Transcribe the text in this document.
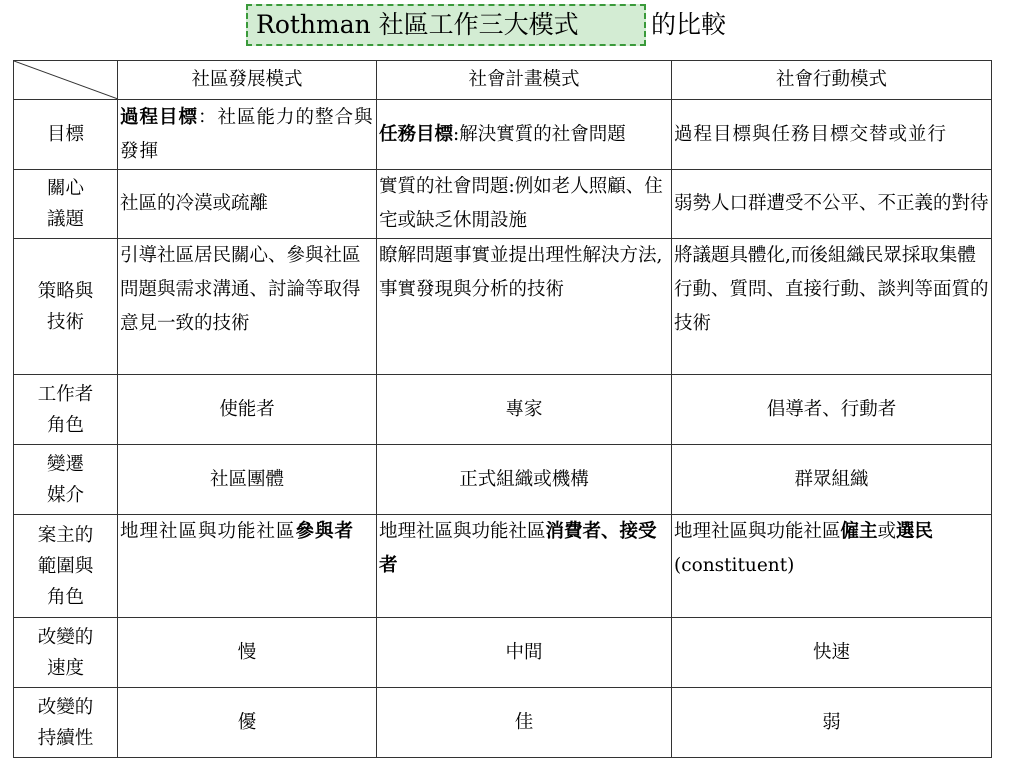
Rothman 社區工作三大模式	的比較
	社區發展模式	社會計畫模式	社會行動模式
目標	過程目標：社區能力的整合與發揮	任務目標:解決實質的社會問題	過程目標與任務目標交替或並行
關心
議題	社區的冷漠或疏離	實質的社會問題:例如老人照顧、住宅或缺乏休閒設施	弱勢人口群遭受不公平、不正義的對待
策略與
技術	引導社區居民關心、參與社區問題與需求溝通、討論等取得意見一致的技術	瞭解問題事實並提出理性解決方法,事實發現與分析的技術	將議題具體化,而後組織民眾採取集體行動、質問、直接行動、談判等面質的技術
工作者
角色	使能者	專家	倡導者、行動者
變遷
媒介	社區團體	正式組織或機構	群眾組織
案主的
範圍與
角色	地理社區與功能社區參與者	地理社區與功能社區消費者、接受者	地理社區與功能社區僱主或選民(constituent)
改變的
速度	慢	中間	快速
改變的
持續性	優	佳	弱
